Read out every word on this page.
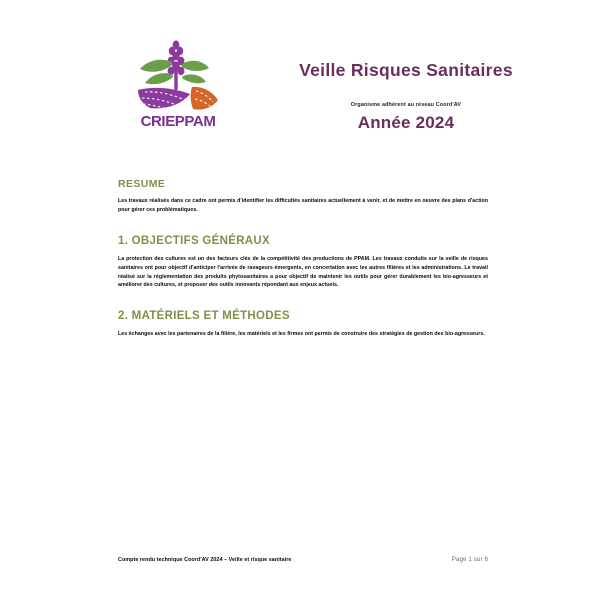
CRIEPPAM
Veille Risques Sanitaires

Organisme adhérent au réseau Coord'AV

Année 2024

RESUME

Les travaux réalisés dans ce cadre ont permis d'identifier les difficultés sanitaires actuellement à venir, et de mettre en oeuvre des plans d'action pour gérer ces problématiques.

1. OBJECTIFS GÉNÉRAUX

La protection des cultures est un des facteurs clés de la compétitivité des productions de PPAM. Les travaux conduits sur la veille de risques sanitaires ont pour objectif d'anticiper l'arrivée de ravageurs émergents, en concertation avec les autres filières et les administrations. Le travail réalisé sur la réglementation des produits phytosanitaires a pour objectif de maintenir les outils pour gérer durablement les bio-agresseurs et améliorer des cultures, et proposer des outils innovants répondant aux enjeux actuels.

2. MATÉRIELS ET MÉTHODES

Les échanges avec les partenaires de la filière, les matériels et les firmes ont permis de construire des stratégies de gestion des bio-agresseurs.

Compte rendu technique Coord'AV 2024 – Veille et risque sanitaire	Page 1 sur 6
